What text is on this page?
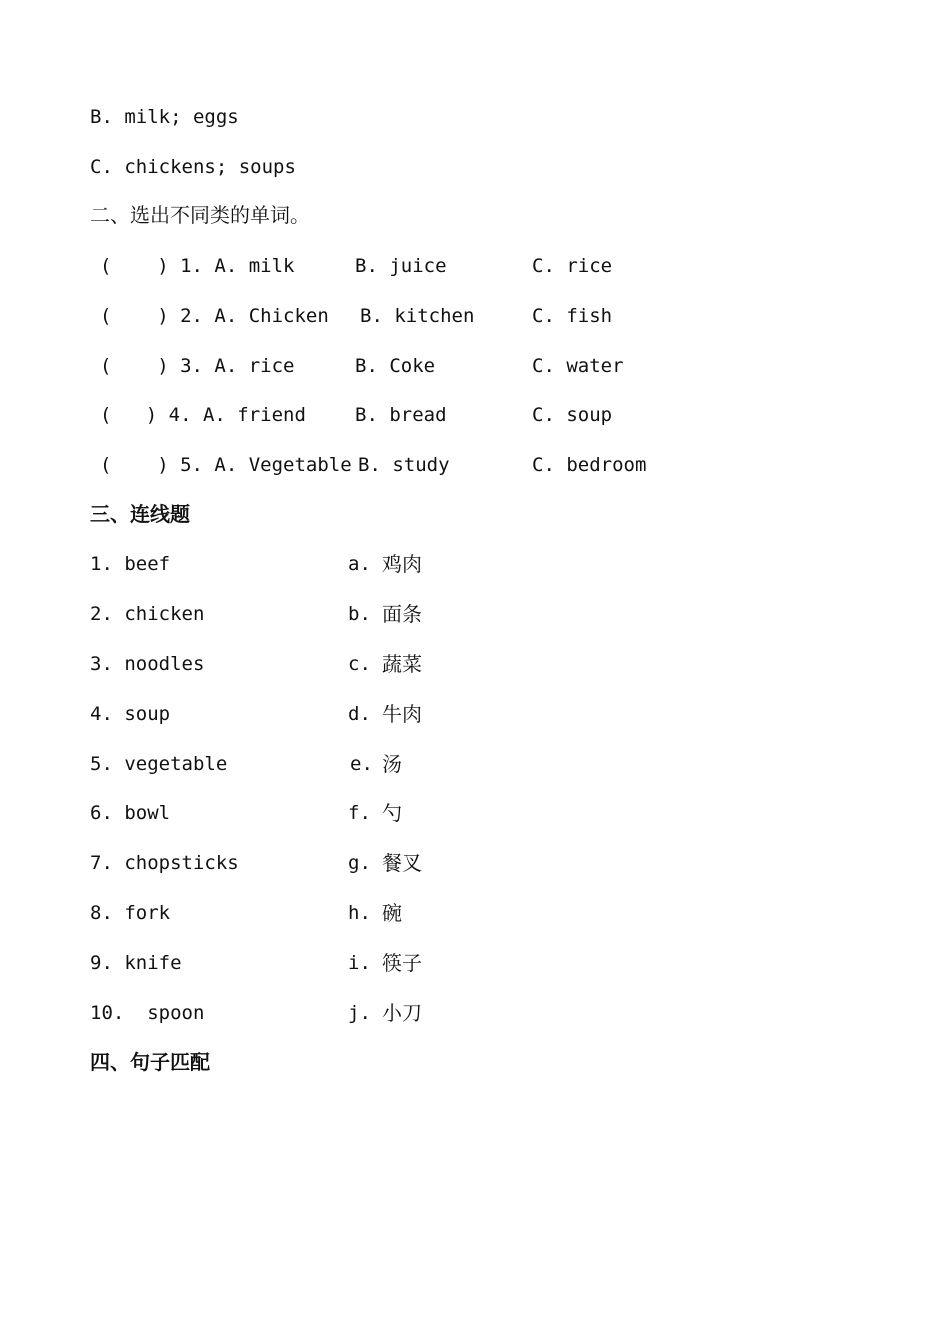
B. milk; eggs
C. chickens; soups
二、选出不同类的单词。
(    ) 1. A. milk	B. juice	C. rice
(    ) 2. A. Chicken B. kitchen	C. fish
(    ) 3. A. rice	B. Coke	C. water
(   ) 4. A. friend	B. bread	C. soup
(    ) 5. A. Vegetable B. study	C. bedroom
三、连线题
1. beef	a. 鸡肉
2. chicken	b. 面条
3. noodles	c. 蔬菜
4. soup	d. 牛肉
5. vegetable	e. 汤
6. bowl	f. 勺
7. chopsticks	g. 餐叉
8. fork	h. 碗
9. knife	i. 筷子
10.  spoon	j. 小刀
四、句子匹配
